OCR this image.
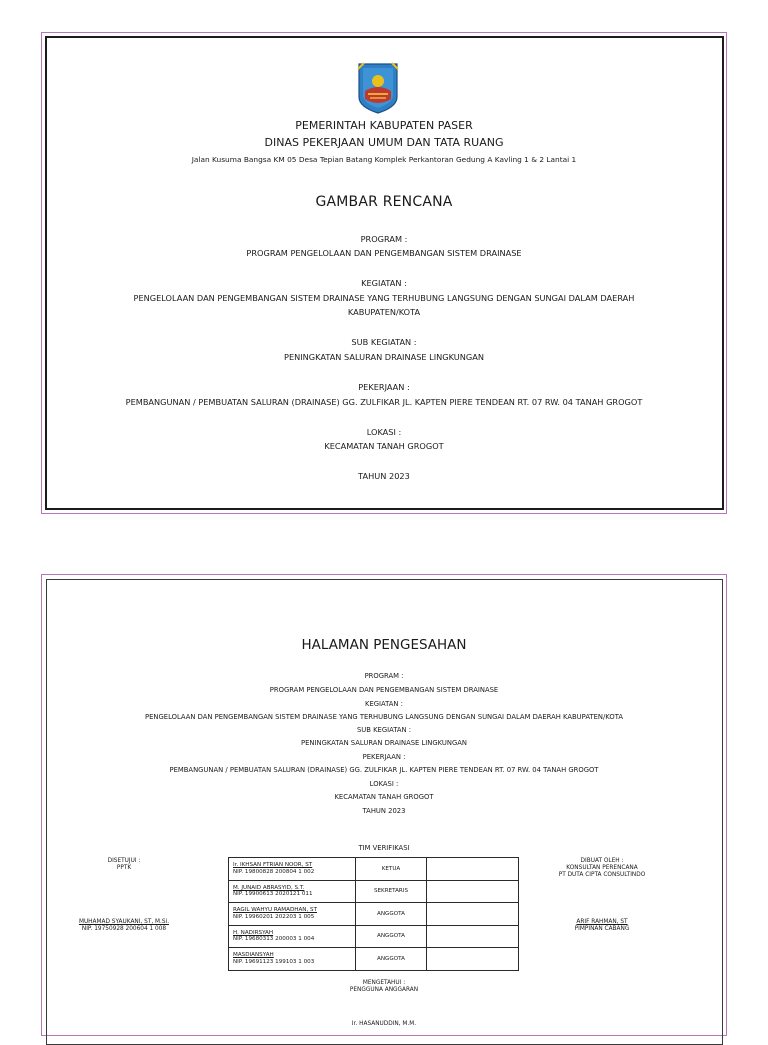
PEMERINTAH KABUPATEN PASER
DINAS PEKERJAAN UMUM DAN TATA RUANG
Jalan Kusuma Bangsa KM 05 Desa Tepian Batang Komplek Perkantoran Gedung A Kavling 1 & 2 Lantai 1
GAMBAR RENCANA
PROGRAM :
PROGRAM PENGELOLAAN DAN PENGEMBANGAN SISTEM DRAINASE
KEGIATAN :
PENGELOLAAN DAN PENGEMBANGAN SISTEM DRAINASE YANG TERHUBUNG LANGSUNG DENGAN SUNGAI DALAM DAERAH
KABUPATEN/KOTA
SUB KEGIATAN :
PENINGKATAN SALURAN DRAINASE LINGKUNGAN
PEKERJAAN :
PEMBANGUNAN / PEMBUATAN SALURAN (DRAINASE) GG. ZULFIKAR JL. KAPTEN PIERE TENDEAN RT. 07 RW. 04 TANAH GROGOT
LOKASI :
KECAMATAN TANAH GROGOT
TAHUN 2023
HALAMAN PENGESAHAN
PROGRAM :
PROGRAM PENGELOLAAN DAN PENGEMBANGAN SISTEM DRAINASE
KEGIATAN :
PENGELOLAAN DAN PENGEMBANGAN SISTEM DRAINASE YANG TERHUBUNG LANGSUNG DENGAN SUNGAI DALAM DAERAH KABUPATEN/KOTA
SUB KEGIATAN :
PENINGKATAN SALURAN DRAINASE LINGKUNGAN
PEKERJAAN :
PEMBANGUNAN / PEMBUATAN SALURAN (DRAINASE) GG. ZULFIKAR JL. KAPTEN PIERE TENDEAN RT. 07 RW. 04 TANAH GROGOT
LOKASI :
KECAMATAN TANAH GROGOT
TAHUN 2023
TIM VERIFIKASI
DISETUJUI :
PPTK
MUHAMAD SYAUKANI, ST, M.Si.
NIP. 19750928 200604 1 008
Ir. IKHSAN FTRIAN NOOR, ST
NIP. 19800828 200804 1 002	KETUA	

M. JUNAID ABRASYID, S.T.
NIP. 19900613 2020121 011	SEKRETARIS	

RAGIL WAHYU RAMADHAN, ST
NIP. 19960201 202203 1 005	ANGGOTA	

H. NADIRSYAH
NIP. 19680313 200003 1 004	ANGGOTA	

MASDIANSYAH
NIP. 19691123 199103 1 003	ANGGOTA	
DIBUAT OLEH :
KONSULTAN PERENCANA
PT DUTA CIPTA CONSULTINDO
ARIF RAHMAN, ST
PIMPINAN CABANG
MENGETAHUI :
PENGGUNA ANGGARAN
Ir. HASANUDDIN, M.M.
